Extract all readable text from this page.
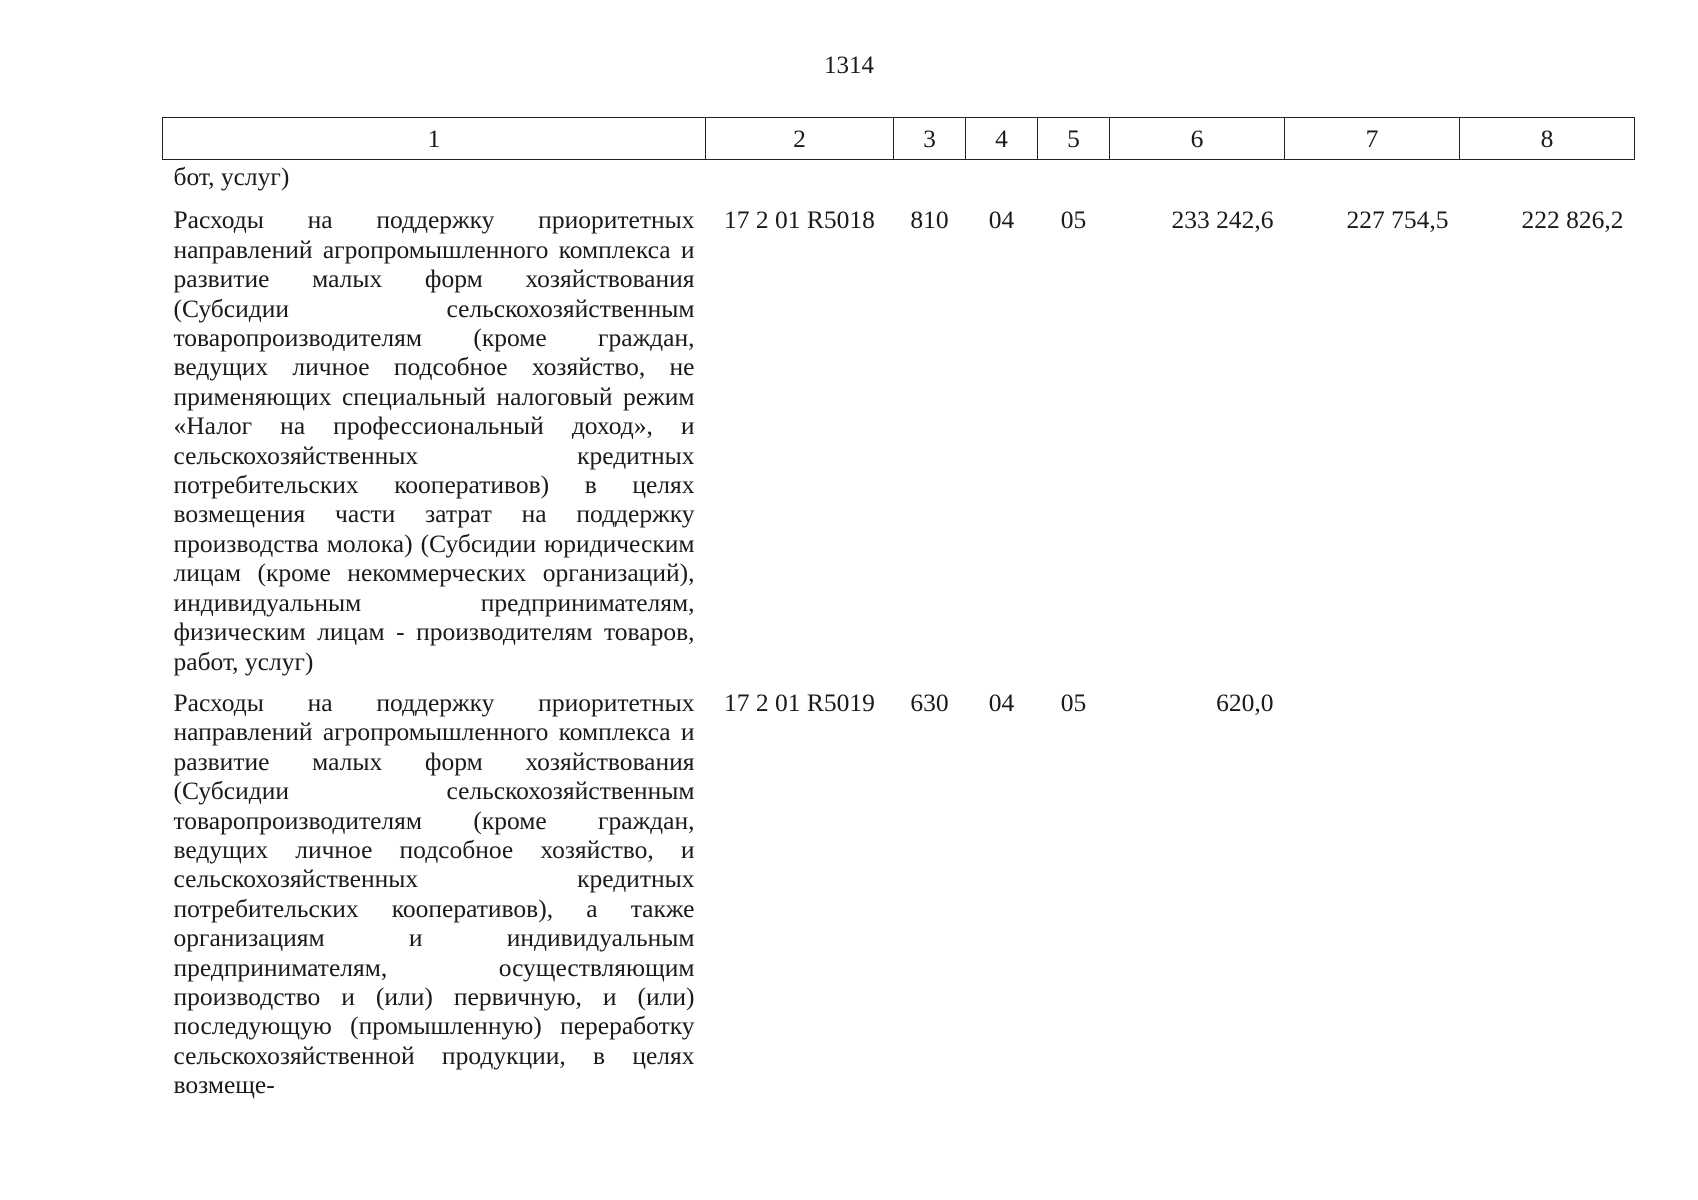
1314
1	2	3	4	5	6	7	8
бот, услуг)							
Расходы на поддержку приоритетных направлений агропромышленного комплекса и развитие малых форм хозяйствования (Субсидии сельскохозяйственным товаропроизводителям (кроме граждан, ведущих личное подсобное хозяйство, не применяющих специальный налоговый режим «Налог на профессиональный доход», и сельскохозяйственных кредитных потребительских кооперативов) в целях возмещения части затрат на поддержку производства молока) (Субсидии юридическим лицам (кроме некоммерческих организаций), индивидуальным предпринимателям, физическим лицам - производителям товаров, работ, услуг)	17 2 01 R5018	810	04	05	233 242,6	227 754,5	222 826,2
Расходы на поддержку приоритетных направлений агропромышленного комплекса и развитие малых форм хозяйствования (Субсидии сельскохозяйственным товаропроизводителям (кроме граждан, ведущих личное подсобное хозяйство, и сельскохозяйственных кредитных потребительских кооперативов), а также организациям и индивидуальным предпринимателям, осуществляющим производство и (или) первичную, и (или) последующую (промышленную) переработку сельскохозяйственной продукции, в целях возмеще-	17 2 01 R5019	630	04	05	620,0		
